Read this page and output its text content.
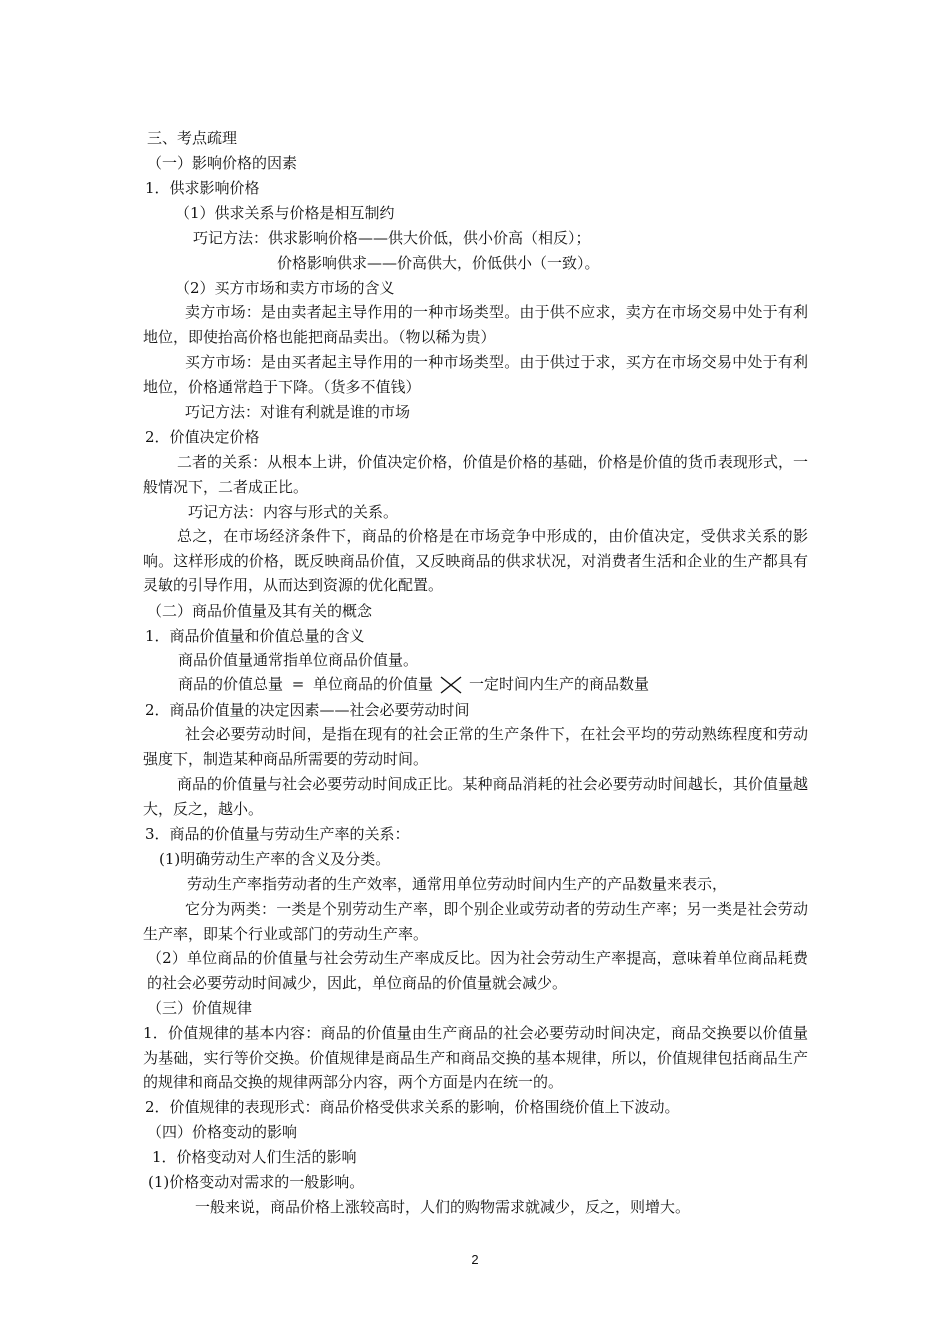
三、考点疏理
（一）影响价格的因素
1．供求影响价格
（1）供求关系与价格是相互制约
巧记方法：供求影响价格——供大价低，供小价高（相反）；
价格影响供求——价高供大，价低供小（一致）。
（2）买方市场和卖方市场的含义
卖方市场：是由卖者起主导作用的一种市场类型。由于供不应求，卖方在市场交易中处于有利地位，即使抬高价格也能把商品卖出。（物以稀为贵）
买方市场：是由买者起主导作用的一种市场类型。由于供过于求，买方在市场交易中处于有利地位，价格通常趋于下降。（货多不值钱）
巧记方法：对谁有利就是谁的市场
2．价值决定价格
二者的关系：从根本上讲，价值决定价格，价值是价格的基础，价格是价值的货币表现形式，一般情况下，二者成正比。
巧记方法：内容与形式的关系。
总之，在市场经济条件下，商品的价格是在市场竞争中形成的，由价值决定，受供求关系的影响。这样形成的价格，既反映商品价值，又反映商品的供求状况，对消费者生活和企业的生产都具有灵敏的引导作用，从而达到资源的优化配置。
（二）商品价值量及其有关的概念
1．商品价值量和价值总量的含义
商品价值量通常指单位商品价值量。
商品的价值总量 = 单位商品的价值量 一定时间内生产的商品数量
2．商品价值量的决定因素——社会必要劳动时间
社会必要劳动时间，是指在现有的社会正常的生产条件下，在社会平均的劳动熟练程度和劳动强度下，制造某种商品所需要的劳动时间。
商品的价值量与社会必要劳动时间成正比。某种商品消耗的社会必要劳动时间越长，其价值量越大，反之，越小。
3．商品的价值量与劳动生产率的关系：
(1)明确劳动生产率的含义及分类。
劳动生产率指劳动者的生产效率，通常用单位劳动时间内生产的产品数量来表示，
它分为两类：一类是个别劳动生产率，即个别企业或劳动者的劳动生产率；另一类是社会劳动生产率，即某个行业或部门的劳动生产率。
（2）单位商品的价值量与社会劳动生产率成反比。因为社会劳动生产率提高，意味着单位商品耗费的社会必要劳动时间减少，因此，单位商品的价值量就会减少。
（三）价值规律
1．价值规律的基本内容：商品的价值量由生产商品的社会必要劳动时间决定，商品交换要以价值量为基础，实行等价交换。价值规律是商品生产和商品交换的基本规律，所以，价值规律包括商品生产的规律和商品交换的规律两部分内容，两个方面是内在统一的。
2．价值规律的表现形式：商品价格受供求关系的影响，价格围绕价值上下波动。
（四）价格变动的影响
1．价格变动对人们生活的影响
(1)价格变动对需求的一般影响。
一般来说，商品价格上涨较高时，人们的购物需求就减少，反之，则增大。
2
